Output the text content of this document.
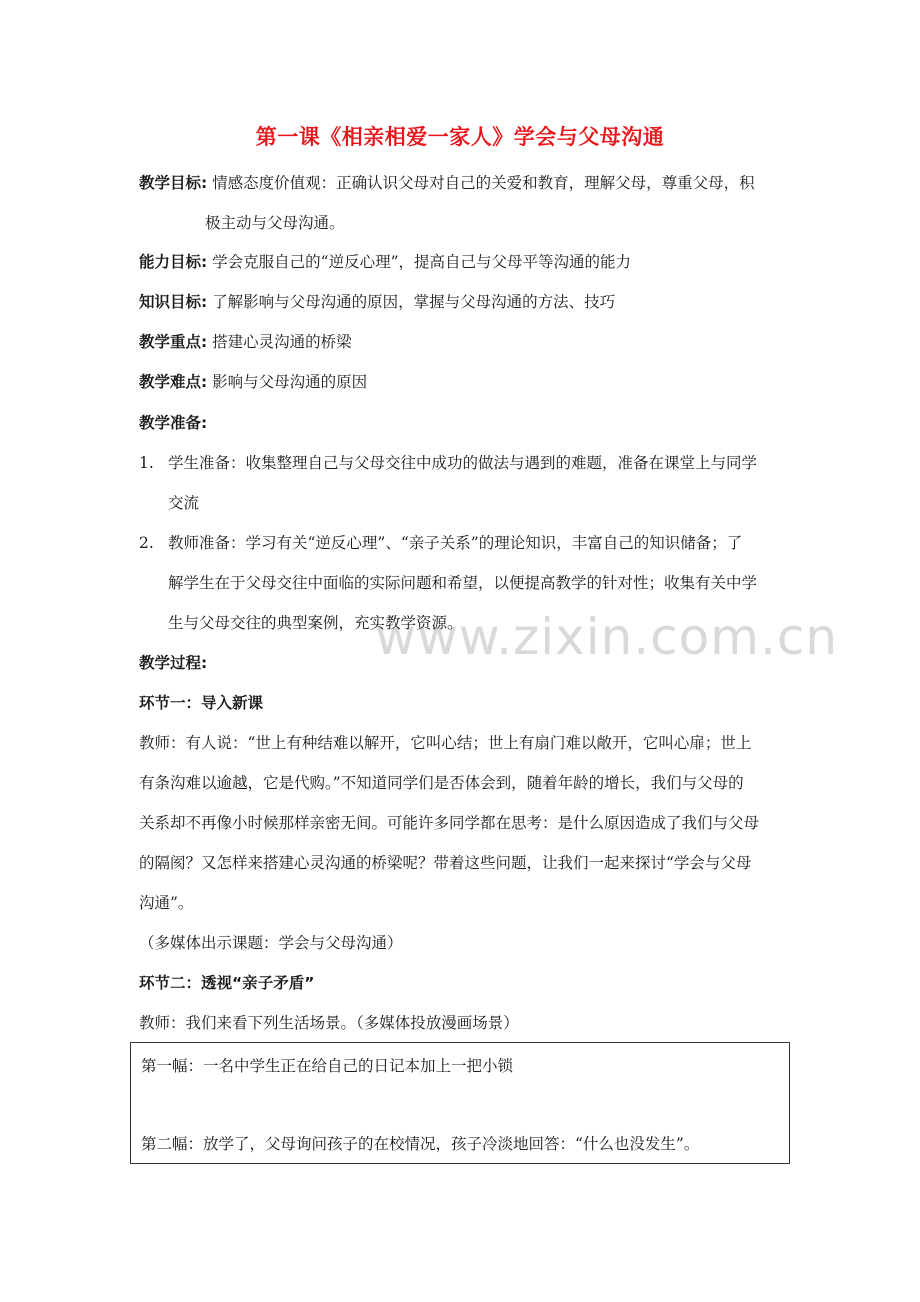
www.zixin.com.cn
第一课《相亲相爱一家人》学会与父母沟通
教学目标: 情感态度价值观：正确认识父母对自己的关爱和教育，理解父母，尊重父母，积
极主动与父母沟通。
能力目标: 学会克服自己的“逆反心理”，提高自己与父母平等沟通的能力
知识目标: 了解影响与父母沟通的原因，掌握与父母沟通的方法、技巧
教学重点: 搭建心灵沟通的桥梁
教学难点: 影响与父母沟通的原因
教学准备:
1. 学生准备：收集整理自己与父母交往中成功的做法与遇到的难题，准备在课堂上与同学
交流
2. 教师准备：学习有关“逆反心理”、“亲子关系”的理论知识，丰富自己的知识储备；了
解学生在于父母交往中面临的实际问题和希望，以便提高教学的针对性；收集有关中学
生与父母交往的典型案例，充实教学资源。
教学过程:
环节一：导入新课
教师：有人说：“世上有种结难以解开，它叫心结；世上有扇门难以敞开，它叫心扉；世上
有条沟难以逾越，它是代购。”不知道同学们是否体会到，随着年龄的增长，我们与父母的
关系却不再像小时候那样亲密无间。可能许多同学都在思考：是什么原因造成了我们与父母
的隔阂？又怎样来搭建心灵沟通的桥梁呢？带着这些问题，让我们一起来探讨“学会与父母
沟通”。
（多媒体出示课题：学会与父母沟通）
环节二：透视“亲子矛盾”
教师：我们来看下列生活场景。（多媒体投放漫画场景）
第一幅：一名中学生正在给自己的日记本加上一把小锁
第二幅：放学了，父母询问孩子的在校情况，孩子冷淡地回答：“什么也没发生”。
